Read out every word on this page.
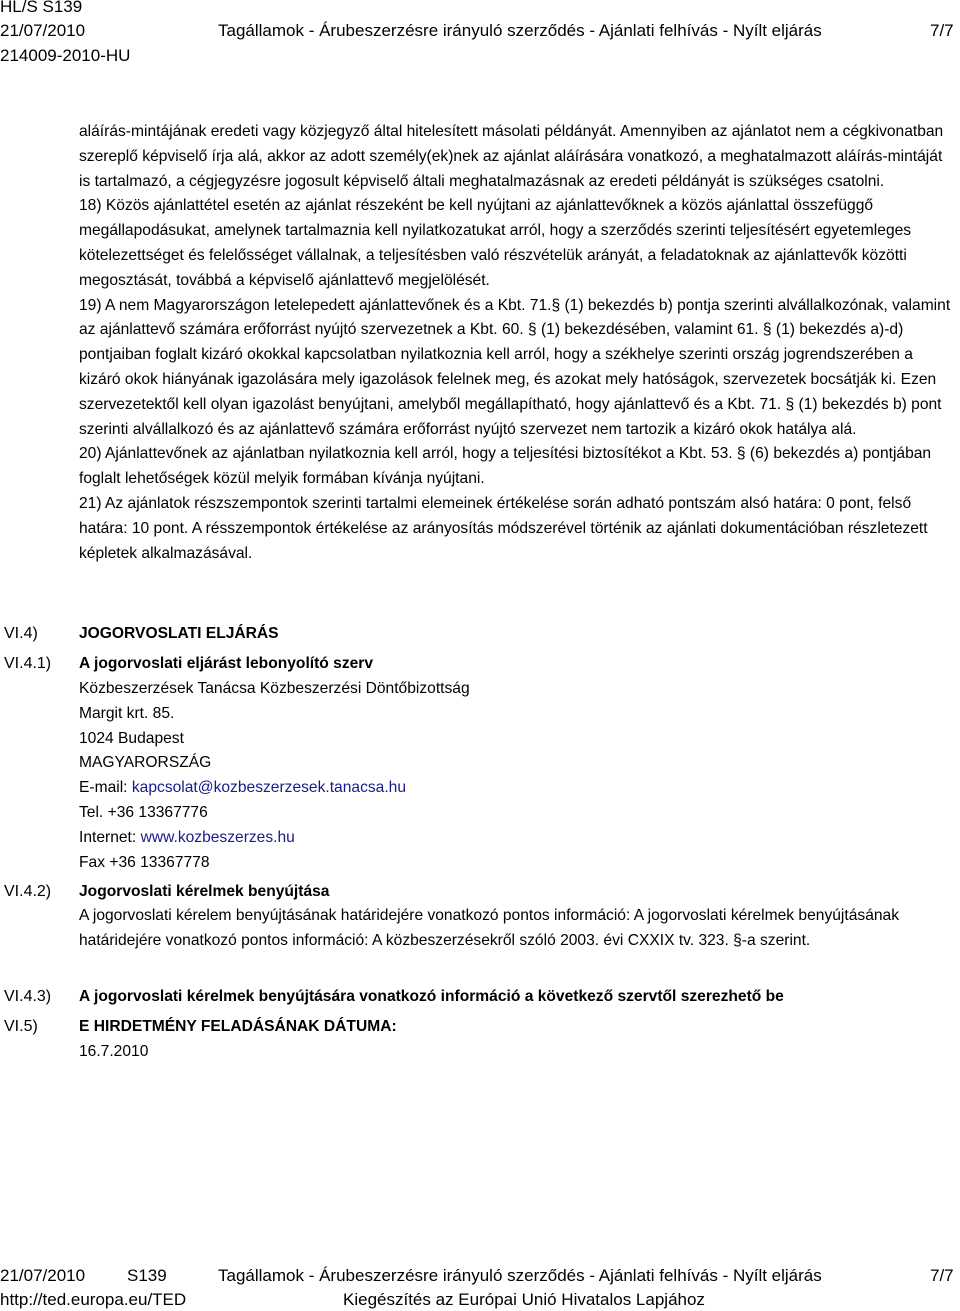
HL/S S139
21/07/2010	Tagállamok - Árubeszerzésre irányuló szerződés - Ajánlati felhívás - Nyílt eljárás	7/7
214009-2010-HU

aláírás-mintájának eredeti vagy közjegyző által hitelesített másolati példányát. Amennyiben az ajánlatot nem a cégkivonatban szereplő képviselő írja alá, akkor az adott személy(ek)nek az ajánlat aláírására vonatkozó, a meghatalmazott aláírás-mintáját is tartalmazó, a cégjegyzésre jogosult képviselő általi meghatalmazásnak az eredeti példányát is szükséges csatolni.

18) Közös ajánlattétel esetén az ajánlat részeként be kell nyújtani az ajánlattevőknek a közös ajánlattal összefüggő megállapodásukat, amelynek tartalmaznia kell nyilatkozatukat arról, hogy a szerződés szerinti teljesítésért egyetemleges kötelezettséget és felelősséget vállalnak, a teljesítésben való részvételük arányát, a feladatoknak az ajánlattevők közötti megosztását, továbbá a képviselő ajánlattevő megjelölését.

19) A nem Magyarországon letelepedett ajánlattevőnek és a Kbt. 71.§ (1) bekezdés b) pontja szerinti alvállalkozónak, valamint az ajánlattevő számára erőforrást nyújtó szervezetnek a Kbt. 60. § (1) bekezdésében, valamint 61. § (1) bekezdés a)-d) pontjaiban foglalt kizáró okokkal kapcsolatban nyilatkoznia kell arról, hogy a székhelye szerinti ország jogrendszerében a kizáró okok hiányának igazolására mely igazolások felelnek meg, és azokat mely hatóságok, szervezetek bocsátják ki. Ezen szervezetektől kell olyan igazolást benyújtani, amelyből megállapítható, hogy ajánlattevő és a Kbt. 71. § (1) bekezdés b) pont szerinti alvállalkozó és az ajánlattevő számára erőforrást nyújtó szervezet nem tartozik a kizáró okok hatálya alá.

20) Ajánlattevőnek az ajánlatban nyilatkoznia kell arról, hogy a teljesítési biztosítékot a Kbt. 53. § (6) bekezdés a) pontjában foglalt lehetőségek közül melyik formában kívánja nyújtani.

21) Az ajánlatok részszempontok szerinti tartalmi elemeinek értékelése során adható pontszám alsó határa: 0 pont, felső határa: 10 pont. A résszempontok értékelése az arányosítás módszerével történik az ajánlati dokumentációban részletezett képletek alkalmazásával.

VI.4)	JOGORVOSLATI ELJÁRÁS
VI.4.1) A jogorvoslati eljárást lebonyolító szerv
Közbeszerzések Tanácsa Közbeszerzési Döntőbizottság
Margit krt. 85.
1024 Budapest
MAGYARORSZÁG
E-mail: kapcsolat@kozbeszerzesek.tanacsa.hu
Tel. +36 13367776
Internet: www.kozbeszerzes.hu
Fax +36 13367778
VI.4.2) Jogorvoslati kérelmek benyújtása
A jogorvoslati kérelem benyújtásának határidejére vonatkozó pontos információ: A jogorvoslati kérelmek benyújtásának határidejére vonatkozó pontos információ: A közbeszerzésekről szóló 2003. évi CXXIX tv. 323. §-a szerint.
VI.4.3) A jogorvoslati kérelmek benyújtására vonatkozó információ a következő szervtől szerezhető be
VI.5)	E HIRDETMÉNY FELADÁSÁNAK DÁTUMA:
16.7.2010
21/07/2010 S139	Tagállamok - Árubeszerzésre irányuló szerződés - Ajánlati felhívás - Nyílt eljárás	7/7
http://ted.europa.eu/TED	Kiegészítés az Európai Unió Hivatalos Lapjához
